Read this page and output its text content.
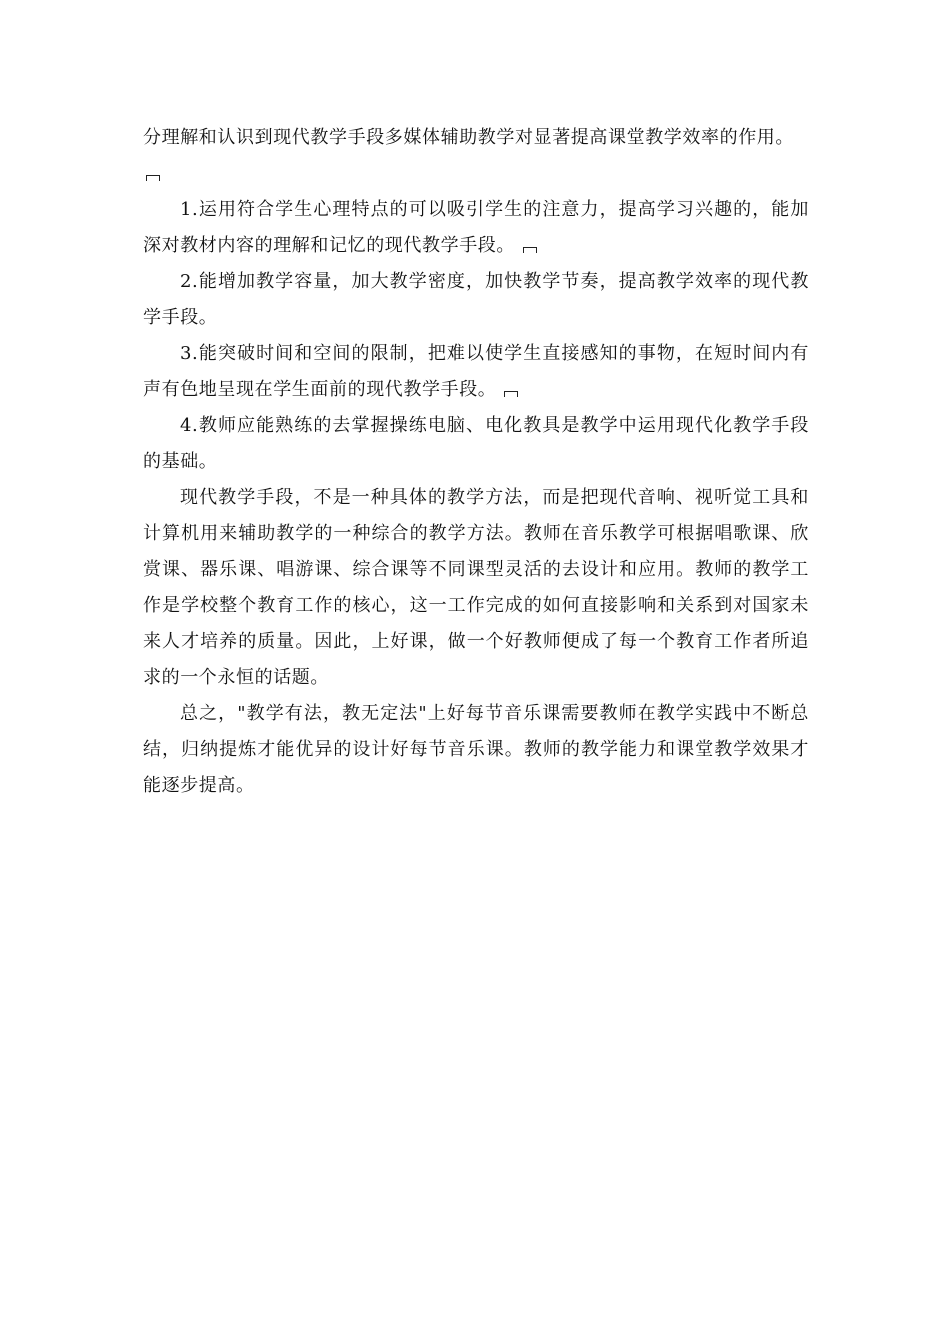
分理解和认识到现代教学手段多媒体辅助教学对显著提高课堂教学效率的作用。

1.运用符合学生心理特点的可以吸引学生的注意力，提高学习兴趣的，能加深对教材内容的理解和记忆的现代教学手段。

2.能增加教学容量，加大教学密度，加快教学节奏，提高教学效率的现代教学手段。

3.能突破时间和空间的限制，把难以使学生直接感知的事物，在短时间内有声有色地呈现在学生面前的现代教学手段。

4.教师应能熟练的去掌握操练电脑、电化教具是教学中运用现代化教学手段的基础。

现代教学手段，不是一种具体的教学方法，而是把现代音响、视听觉工具和计算机用来辅助教学的一种综合的教学方法。教师在音乐教学可根据唱歌课、欣赏课、器乐课、唱游课、综合课等不同课型灵活的去设计和应用。教师的教学工作是学校整个教育工作的核心，这一工作完成的如何直接影响和关系到对国家未来人才培养的质量。因此，上好课，做一个好教师便成了每一个教育工作者所追求的一个永恒的话题。

总之，"教学有法，教无定法"上好每节音乐课需要教师在教学实践中不断总结，归纳提炼才能优异的设计好每节音乐课。教师的教学能力和课堂教学效果才能逐步提高。
